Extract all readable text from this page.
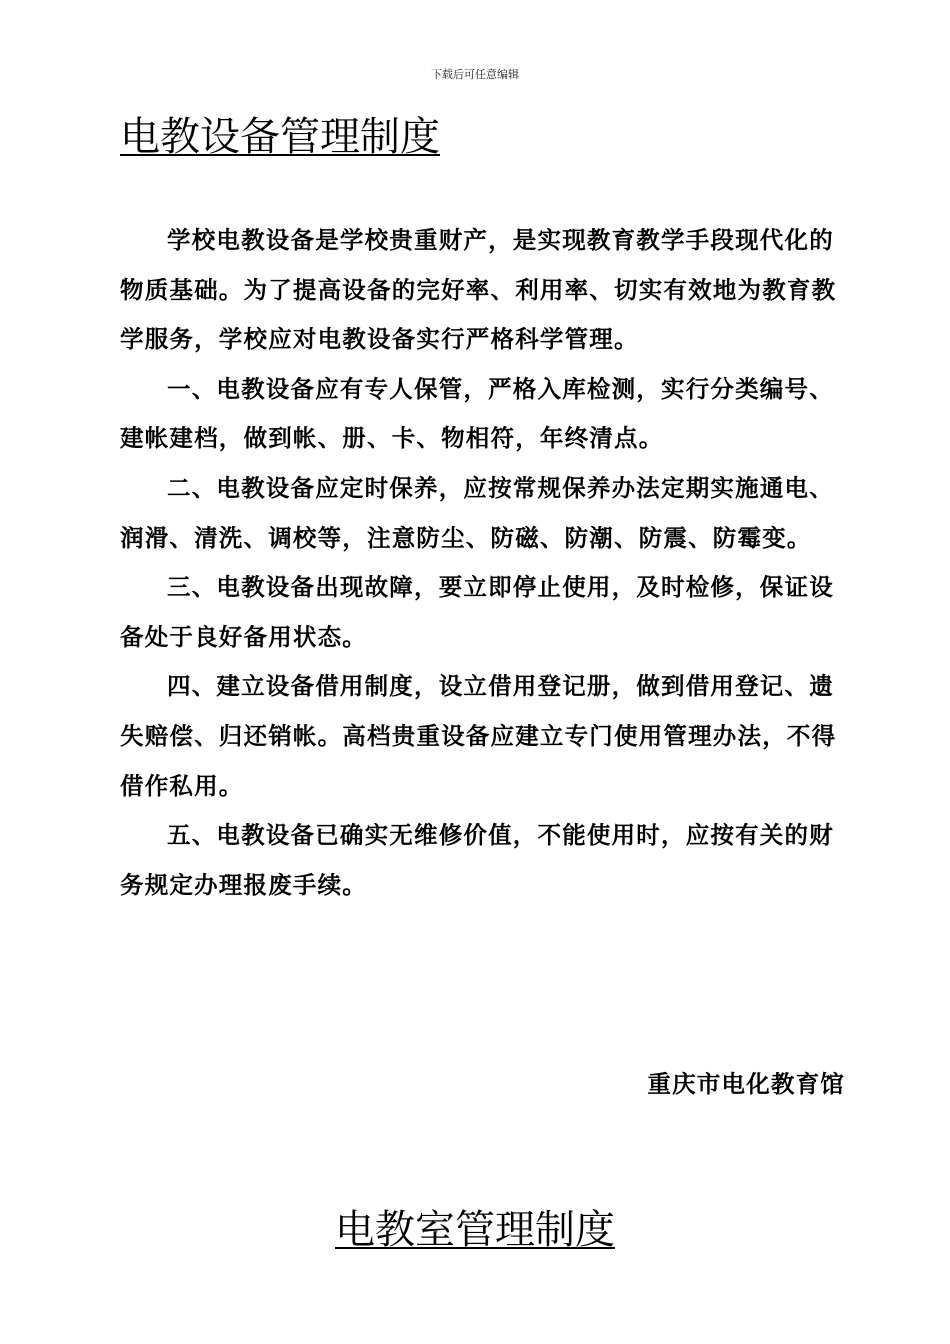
下载后可任意编辑
电教设备管理制度

学校电教设备是学校贵重财产，是实现教育教学手段现代化的物质基础。为了提高设备的完好率、利用率、切实有效地为教育教学服务，学校应对电教设备实行严格科学管理。

一、电教设备应有专人保管，严格入库检测，实行分类编号、建帐建档，做到帐、册、卡、物相符，年终清点。

二、电教设备应定时保养，应按常规保养办法定期实施通电、润滑、清洗、调校等，注意防尘、防磁、防潮、防震、防霉变。

三、电教设备出现故障，要立即停止使用，及时检修，保证设备处于良好备用状态。

四、建立设备借用制度，设立借用登记册，做到借用登记、遗失赔偿、归还销帐。高档贵重设备应建立专门使用管理办法，不得借作私用。

五、电教设备已确实无维修价值，不能使用时，应按有关的财务规定办理报废手续。

重庆市电化教育馆
电教室管理制度
